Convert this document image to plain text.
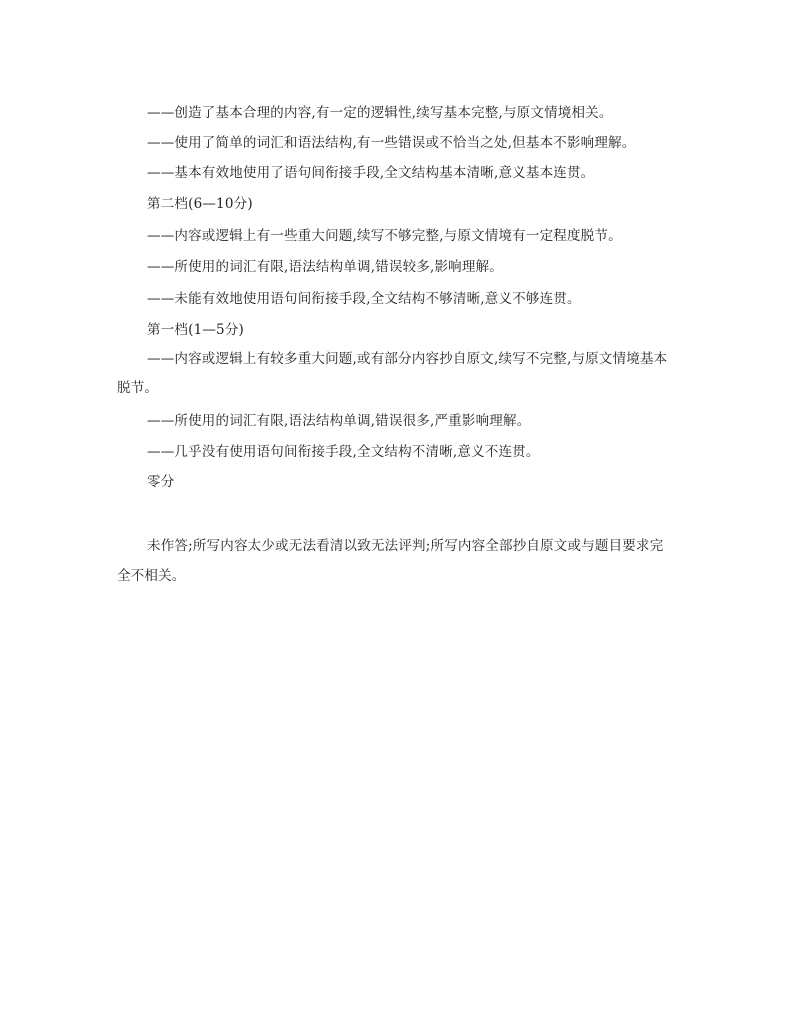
——创造了基本合理的内容,有一定的逻辑性,续写基本完整,与原文情境相关。
——使用了简单的词汇和语法结构,有一些错误或不恰当之处,但基本不影响理解。
——基本有效地使用了语句间衔接手段,全文结构基本清晰,意义基本连贯。
第二档(6—10分)
——内容或逻辑上有一些重大问题,续写不够完整,与原文情境有一定程度脱节。
——所使用的词汇有限,语法结构单调,错误较多,影响理解。
——未能有效地使用语句间衔接手段,全文结构不够清晰,意义不够连贯。
第一档(1—5分)
——内容或逻辑上有较多重大问题,或有部分内容抄自原文,续写不完整,与原文情境基本
脱节。
——所使用的词汇有限,语法结构单调,错误很多,严重影响理解。
——几乎没有使用语句间衔接手段,全文结构不清晰,意义不连贯。
零分
未作答;所写内容太少或无法看清以致无法评判;所写内容全部抄自原文或与题目要求完
全不相关。
